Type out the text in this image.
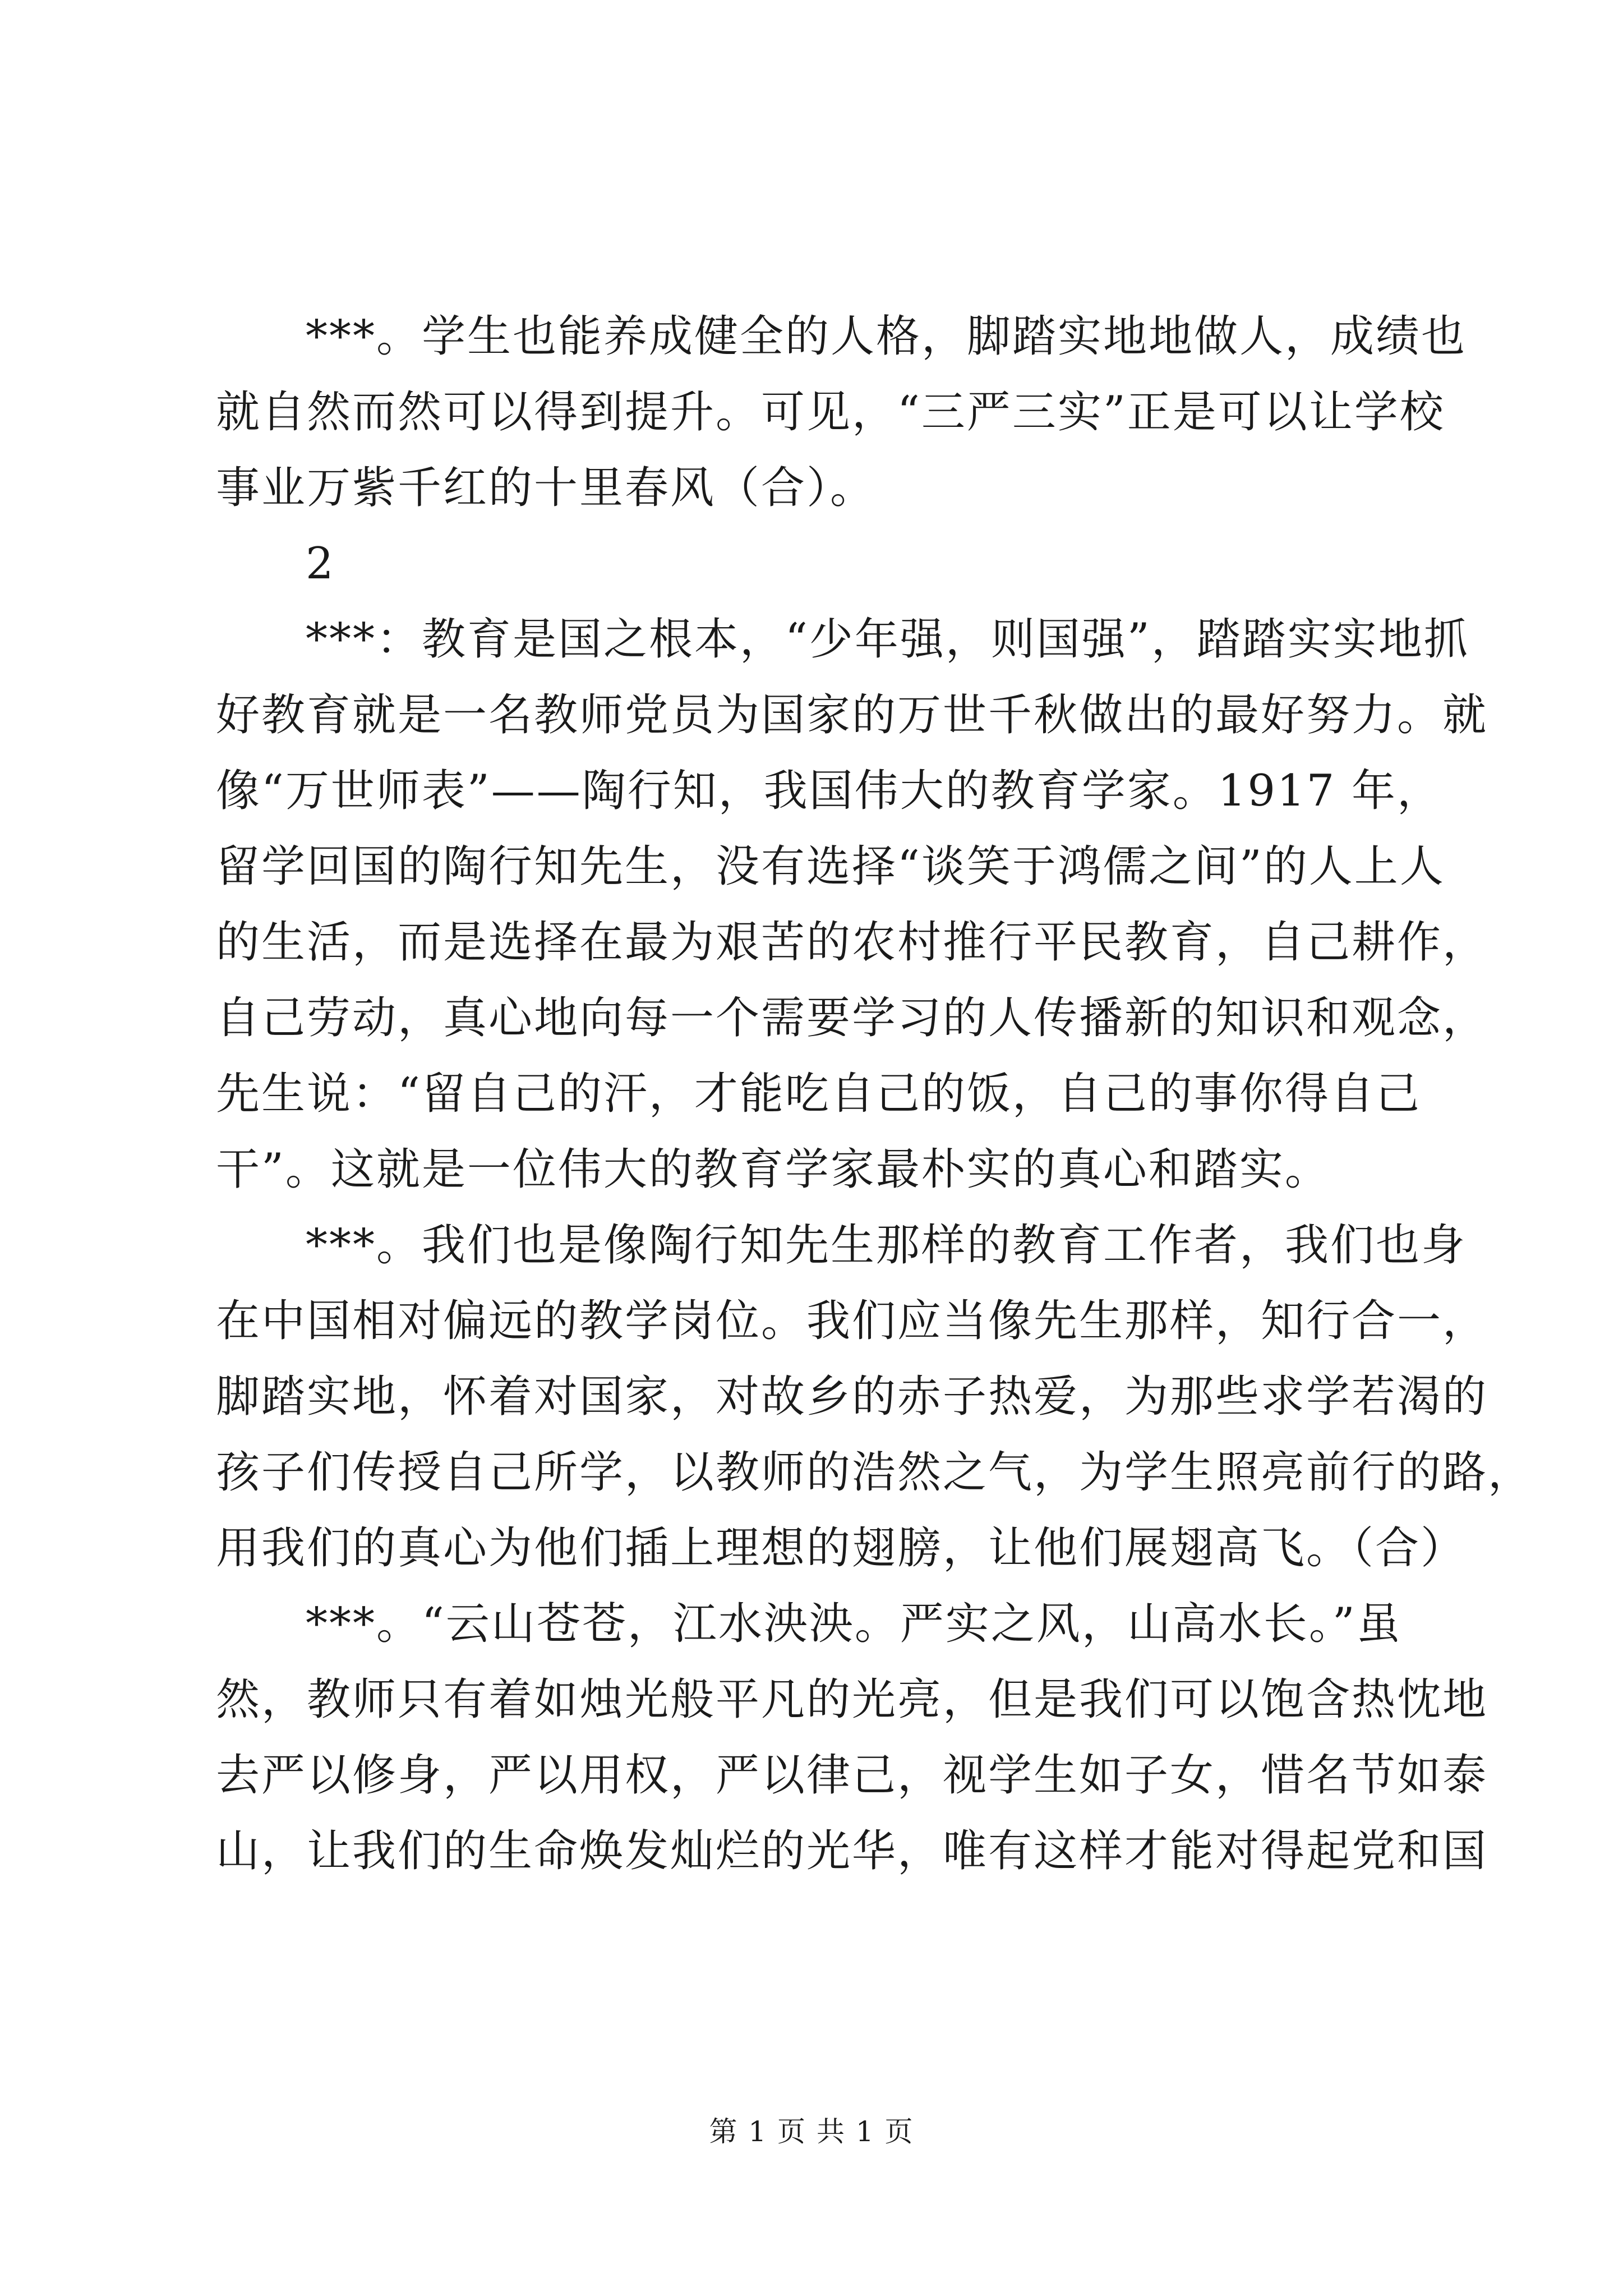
***。学生也能养成健全的人格，脚踏实地地做人，成绩也
就自然而然可以得到提升。可见，“三严三实”正是可以让学校
事业万紫千红的十里春风（合）。
2
***：教育是国之根本，“少年强，则国强”，踏踏实实地抓
好教育就是一名教师党员为国家的万世千秋做出的最好努力。就
像“万世师表”——陶行知，我国伟大的教育学家。1917 年，
留学回国的陶行知先生，没有选择“谈笑于鸿儒之间”的人上人
的生活，而是选择在最为艰苦的农村推行平民教育，自己耕作，
自己劳动，真心地向每一个需要学习的人传播新的知识和观念，
先生说：“留自己的汗，才能吃自己的饭，自己的事你得自己
干”。这就是一位伟大的教育学家最朴实的真心和踏实。
***。我们也是像陶行知先生那样的教育工作者，我们也身
在中国相对偏远的教学岗位。我们应当像先生那样，知行合一，
脚踏实地，怀着对国家，对故乡的赤子热爱，为那些求学若渴的
孩子们传授自己所学，以教师的浩然之气，为学生照亮前行的路，
用我们的真心为他们插上理想的翅膀，让他们展翅高飞。（合）
***。“云山苍苍，江水泱泱。严实之风，山高水长。”虽
然，教师只有着如烛光般平凡的光亮，但是我们可以饱含热忱地
去严以修身，严以用权，严以律己，视学生如子女，惜名节如泰
山，让我们的生命焕发灿烂的光华，唯有这样才能对得起党和国
第 1 页 共 1 页
